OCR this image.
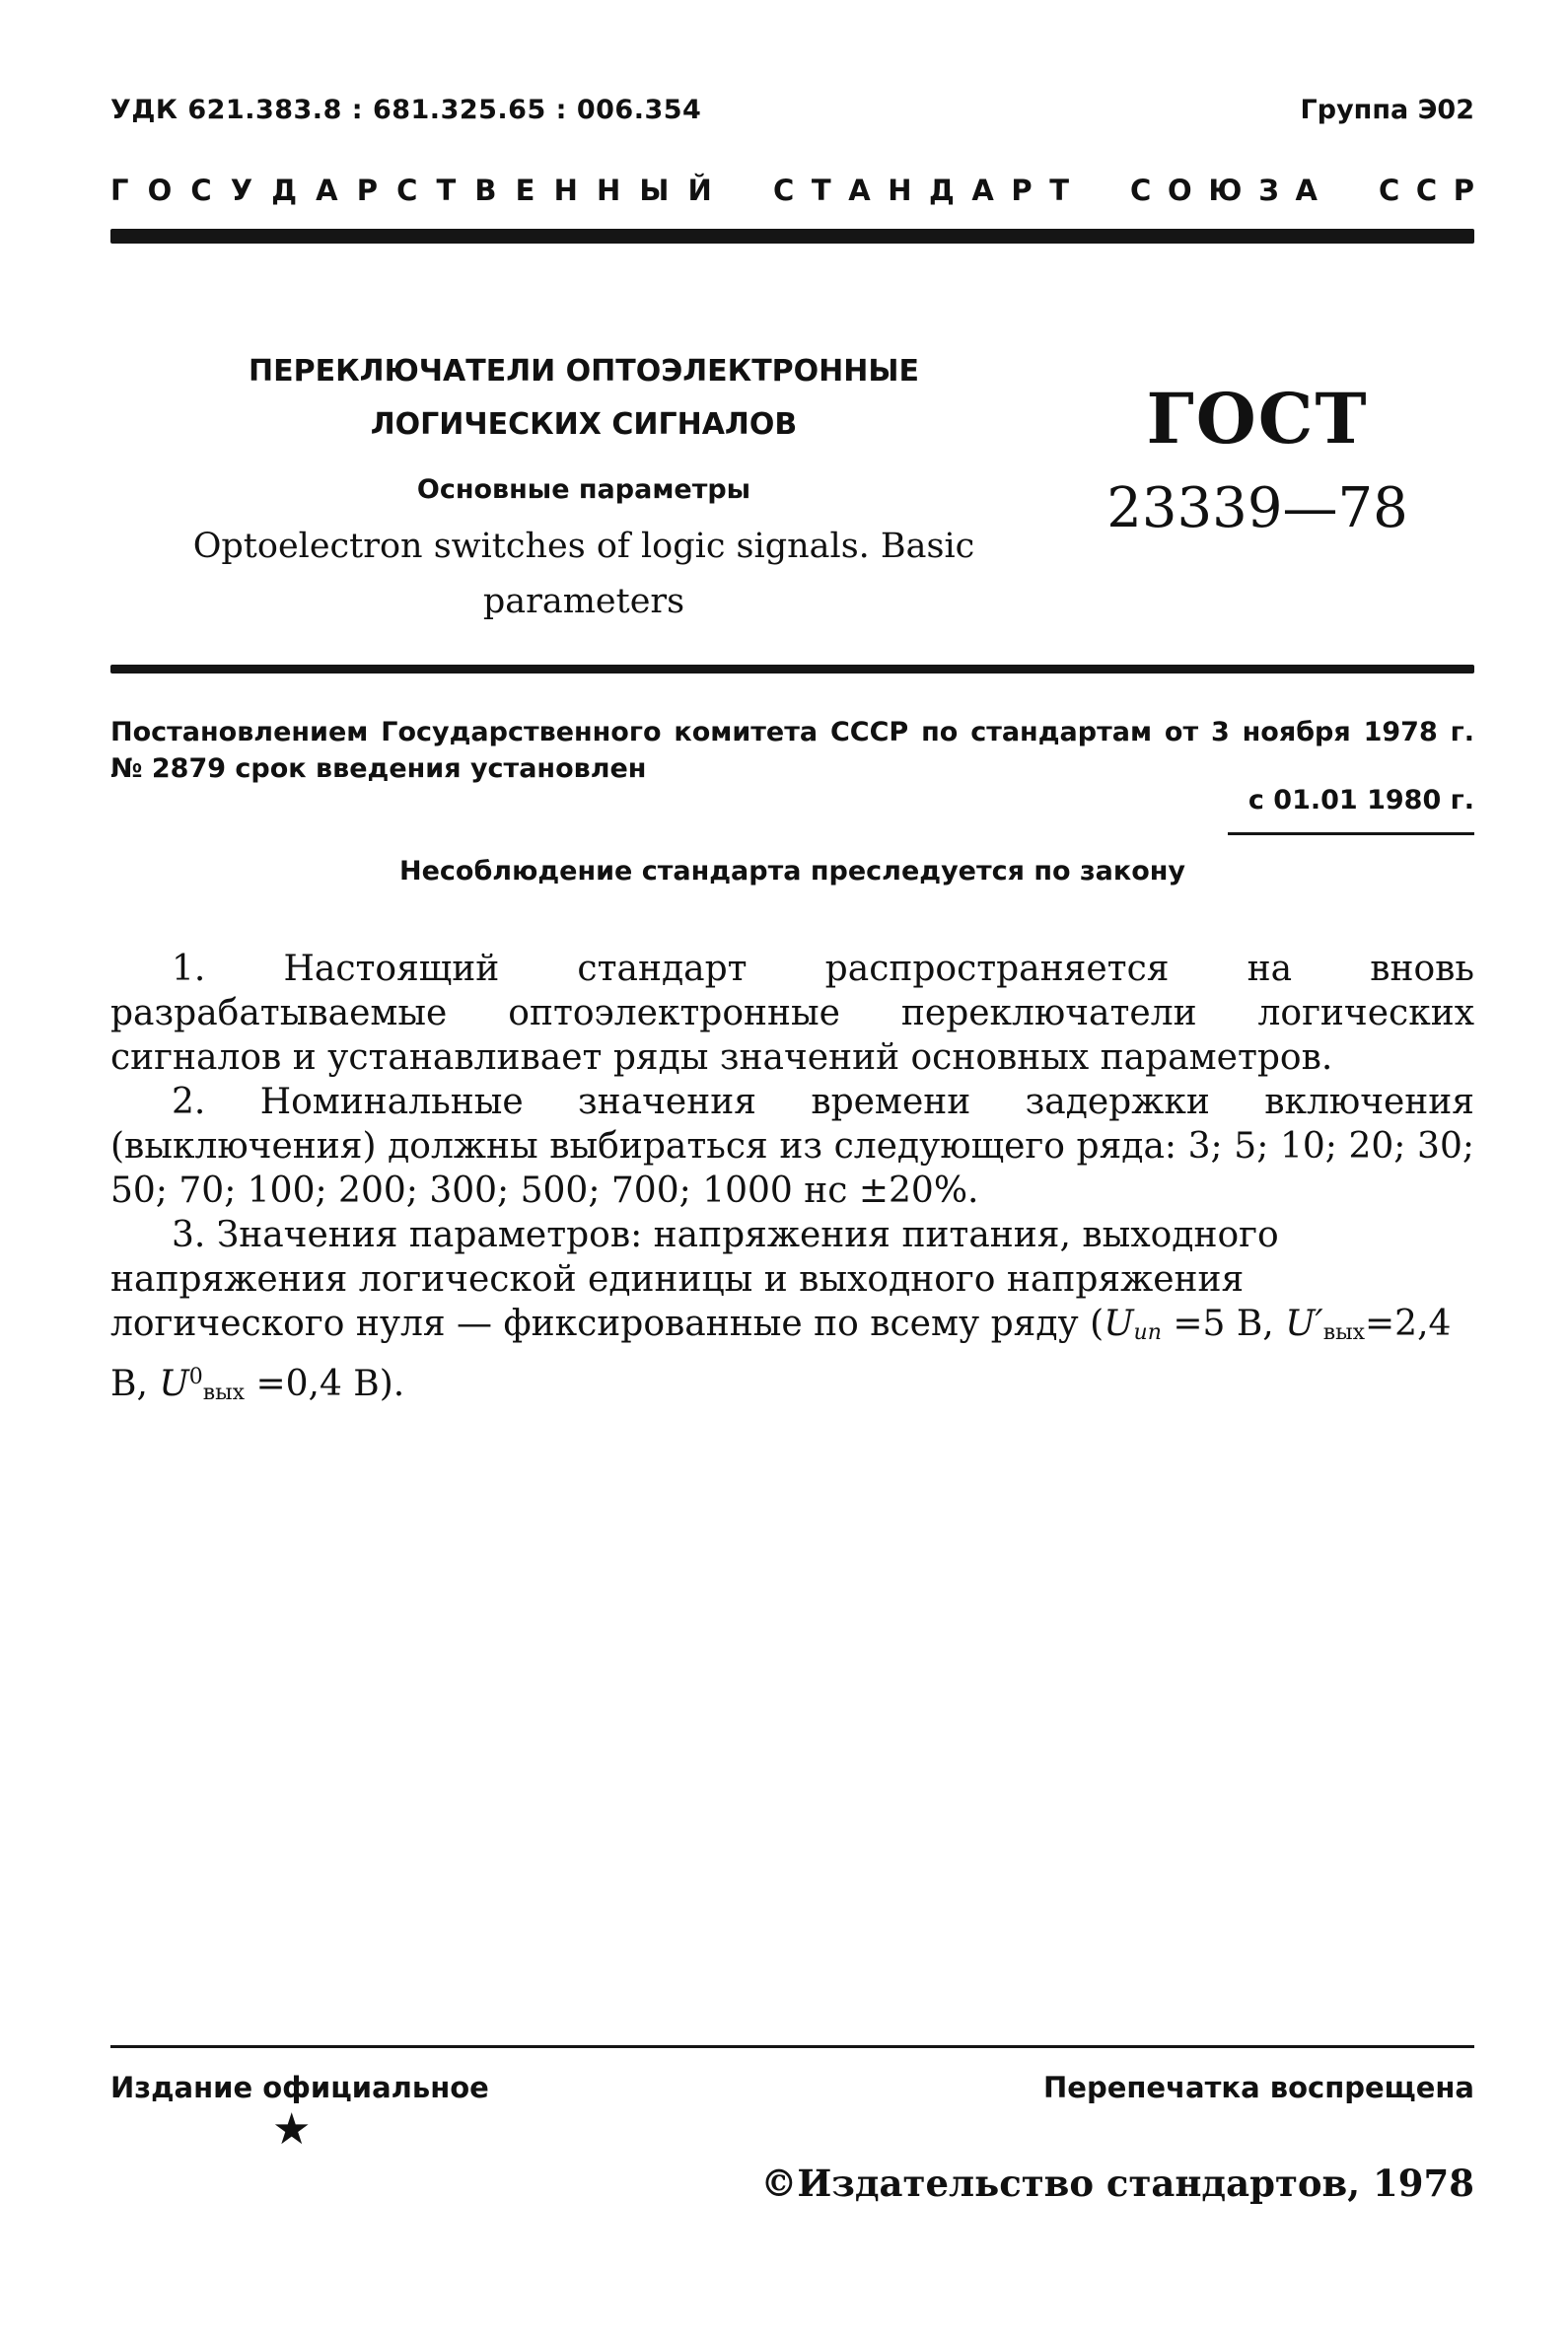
УДК 621.383.8 : 681.325.65 : 006.354	Группа Э02
Г О С У Д А Р С Т В Е Н Н Ы Й С Т А Н Д А Р Т С О Ю З А С С Р
ПЕРЕКЛЮЧАТЕЛИ ОПТОЭЛЕКТРОННЫЕ
ЛОГИЧЕСКИХ СИГНАЛОВ
Основные параметры
Optoelectron switches of logic signals. Basic parameters
ГОСТ
23339—78
Постановлением Государственного комитета СССР по стандартам от 3 ноября 1978 г. № 2879 срок введения установлен
с 01.01 1980 г.
Несоблюдение стандарта преследуется по закону

1. Настоящий стандарт распространяется на вновь разрабатываемые оптоэлектронные переключатели логических сигналов и устанавливает ряды значений основных параметров.

2. Номинальные значения времени задержки включения (выключения) должны выбираться из следующего ряда: 3; 5; 10; 20; 30; 50; 70; 100; 200; 300; 500; 700; 1000 нс ±20%.

3. Значения параметров: напряжения питания, выходного напряжения логической единицы и выходного напряжения логического нуля — фиксированные по всему ряду ($U_{ип} =5$ В, $U'_{вых}=2,4$ В, $U^0_{вых} =0,4$ В).

Издание официальное	Перепечатка воспрещена
★
©Издательство стандартов, 1978
